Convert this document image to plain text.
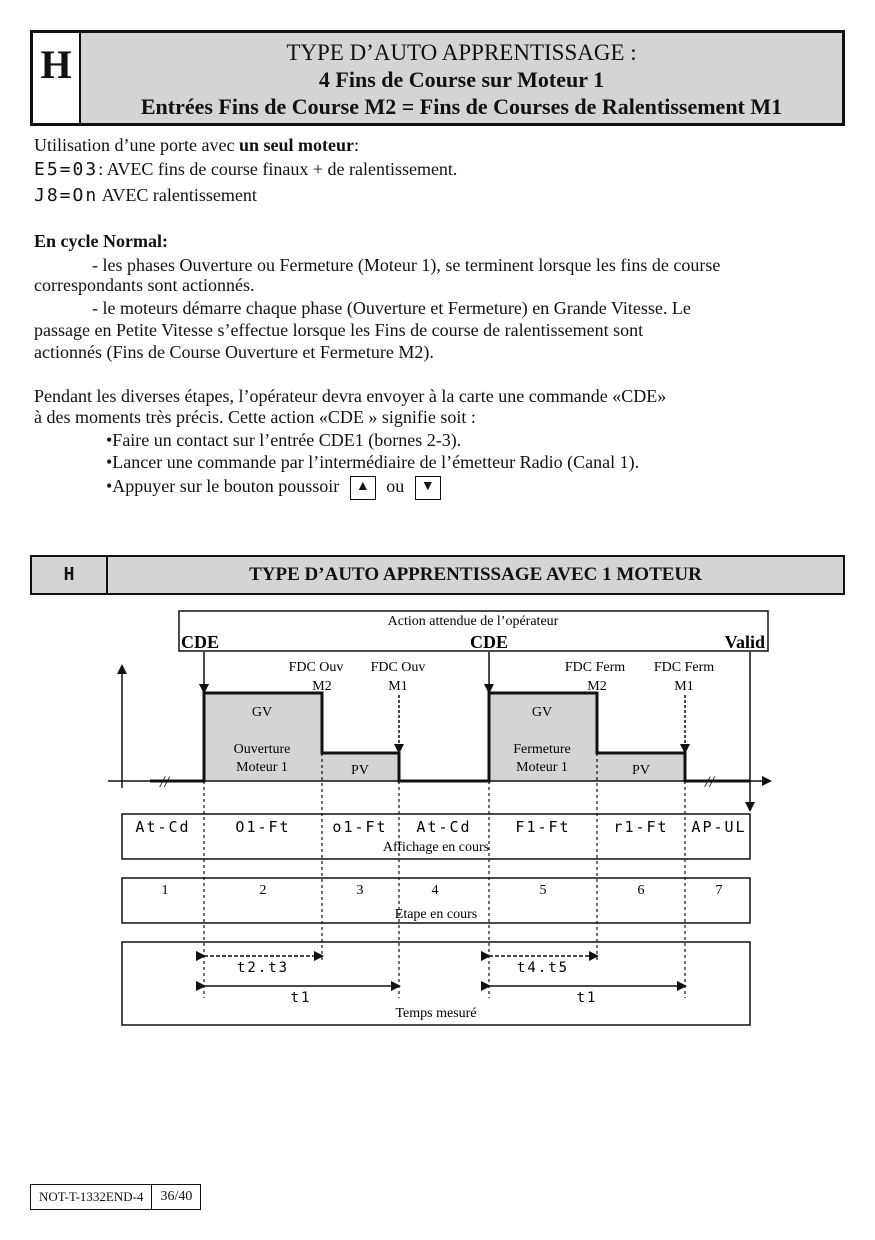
H	TYPE D’AUTO APPRENTISSAGE :
4 Fins de Course sur Moteur 1
Entrées Fins de Course M2 = Fins de Courses de Ralentissement M1
Utilisation d’une porte avec un seul moteur:
E5=03: AVEC fins de course finaux + de ralentissement.
J8=On AVEC ralentissement
En cycle Normal:
- les phases Ouverture ou Fermeture (Moteur 1), se terminent lorsque les fins de course
correspondants sont actionnés.
- le moteurs démarre chaque phase (Ouverture et Fermeture) en Grande Vitesse. Le
passage en Petite Vitesse s’effectue lorsque les Fins de course de ralentissement sont
actionnés (Fins de Course Ouverture et Fermeture M2).
Pendant les diverses étapes, l’opérateur devra envoyer à la carte une commande «CDE»
à des moments très précis. Cette action «CDE » signifie soit :
•Faire un contact sur l’entrée CDE1 (bornes 2-3).
•Lancer une commande par l’intermédiaire de l’émetteur Radio (Canal 1).
•Appuyer sur le bouton poussoir ▲ ou ▼
H	TYPE D’AUTO APPRENTISSAGE AVEC 1 MOTEUR
Action attendue de l’opérateur
CDE	CDE	Valid
//	//
FDC Ouv
M2
FDC Ouv
M1
FDC Ferm
M2
FDC Ferm
M1
GV
Ouverture
Moteur 1	PV
GV
Fermeture
Moteur 1	PV
At-Cd	O1-Ft	o1-Ft At-Cd	F1-Ft	r1-Ft AP-UL
Affichage en cours
1	2	3	4	5	6	7
Etape en cours
t2.t3
t1
t4.t5
t1
Temps mesuré
NOT-T-1332END-4	36/40
